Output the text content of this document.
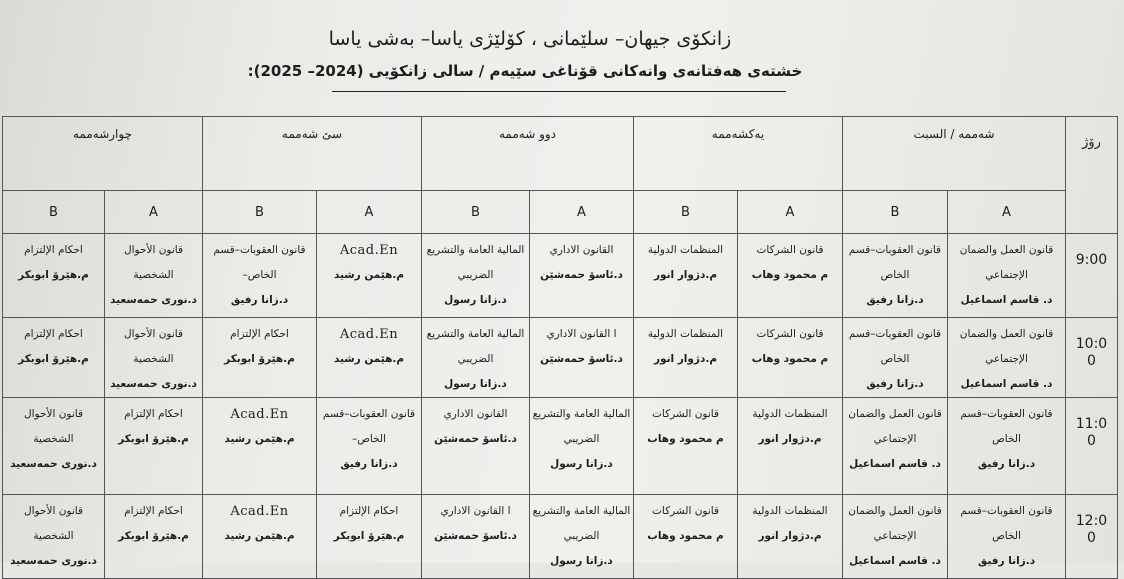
زانكۆی جیهان– سلێمانی ، كۆلێژی یاسا– بەشی یاسا
خشتەی هەفتانەی وانەكانی قۆناغی سێیەم / سالی زانكۆیی (2024– 2025):
رۆژ	شەممە / السبت		یەكشەممە		دوو شەممە		سێ شەممە		چوارشەممە	
	A	B	A	B	A	B	A	B	A	B
9:00	قانون العمل والضمان
الإجتماعي
د. قاسم اسماعیل	قانون العقوبات–قسم
الخاص
د.زانا رفیق	قانون الشركات
م محمود وهاب	المنظمات الدولية
م.دژوار انور	القانون الاداري
د.ئاسۆ حمەشێن	المالية العامة والتشريع
الضريبي
د.زانا رسول	Acad.En
م.هێمن رشيد	قانون العقوبات–قسم
الخاص–
د.زانا رفیق	قانون الأحوال
الشخصية
د.نوری حمەسعید	احكام الإلتزام
م.هێرۆ ابوبكر

10:0
0	قانون العمل والضمان
الإجتماعي
د. قاسم اسماعیل	قانون العقوبات–قسم
الخاص
د.زانا رفیق	قانون الشركات
م محمود وهاب	المنظمات الدولية
م.دژوار انور	ا القانون الاداري
د.ئاسۆ حمەشێن	المالية العامة والتشريع
الضريبي
د.زانا رسول	Acad.En
م.هێمن رشيد	احكام الإلتزام
م.هێرۆ ابوبكر	قانون الأحوال
الشخصية
د.نوری حمەسعید	احكام الإلتزام
م.هێرۆ ابوبكر

11:0
0	قانون العقوبات–قسم
الخاص
د.زانا رفیق	قانون العمل والضمان
الإجتماعي
د. قاسم اسماعیل	المنظمات الدولية
م.دژوار انور	قانون الشركات
م محمود وهاب	المالية العامة والتشريع
الضريبي
د.زانا رسول	القانون الاداري
د.ئاسۆ حمەشێن	قانون العقوبات–قسم
الخاص–
د.زانا رفیق	Acad.En
م.هێمن رشيد	احكام الإلتزام
م.هێرۆ ابوبكر	قانون الأحوال
الشخصية
د.نوری حمەسعید

12:0
0	قانون العقوبات–قسم
الخاص
د.زانا رفیق	قانون العمل والضمان
الإجتماعي
د. قاسم اسماعیل	المنظمات الدولية
م.دژوار انور	قانون الشركات
م محمود وهاب	المالية العامة والتشريع
الضريبي
د.زانا رسول	ا القانون الاداري
د.ئاسۆ حمەشێن	احكام الإلتزام
م.هێرۆ ابوبكر	Acad.En
م.هێمن رشيد	احكام الإلتزام
م.هێرۆ ابوبكر	قانون الأحوال
الشخصية
د.نوری حمەسعید
